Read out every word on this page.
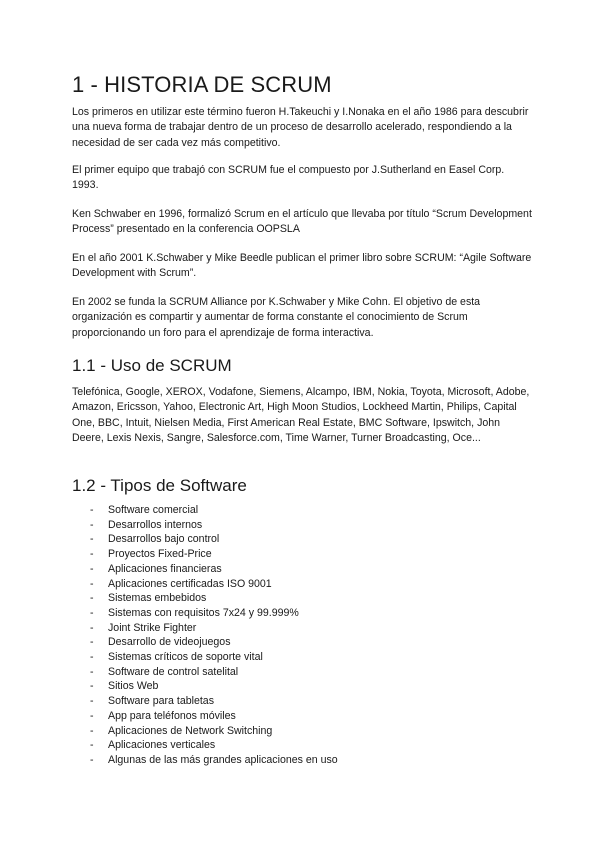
1 - HISTORIA DE SCRUM

Los primeros en utilizar este término fueron H.Takeuchi y I.Nonaka en el año 1986 para descubrir una nueva forma de trabajar dentro de un proceso de desarrollo acelerado, respondiendo a la necesidad de ser cada vez más competitivo.

El primer equipo que trabajó con SCRUM fue el compuesto por J.Sutherland en Easel Corp. 1993.

Ken Schwaber en 1996, formalizó Scrum en el artículo que llevaba por título “Scrum Development Process” presentado en la conferencia OOPSLA

En el año 2001 K.Schwaber y Mike Beedle publican el primer libro sobre SCRUM: “Agile Software Development with Scrum”.

En 2002 se funda la SCRUM Alliance por K.Schwaber y Mike Cohn. El objetivo de esta organización es compartir y aumentar de forma constante el conocimiento de Scrum proporcionando un foro para el aprendizaje de forma interactiva.

1.1 - Uso de SCRUM

Telefónica, Google, XEROX, Vodafone, Siemens, Alcampo, IBM, Nokia, Toyota, Microsoft, Adobe, Amazon, Ericsson, Yahoo, Electronic Art, High Moon Studios, Lockheed Martin, Philips, Capital One, BBC, Intuit, Nielsen Media, First American Real Estate, BMC Software, Ipswitch, John Deere, Lexis Nexis, Sangre, Salesforce.com, Time Warner, Turner Broadcasting, Oce...

1.2 - Tipos de Software
- Software comercial
- Desarrollos internos
- Desarrollos bajo control
- Proyectos Fixed-Price
- Aplicaciones financieras
- Aplicaciones certificadas ISO 9001
- Sistemas embebidos
- Sistemas con requisitos 7x24 y 99.999%
- Joint Strike Fighter
- Desarrollo de videojuegos
- Sistemas críticos de soporte vital
- Software de control satelital
- Sitios Web
- Software para tabletas
- App para teléfonos móviles
- Aplicaciones de Network Switching
- Aplicaciones verticales
- Algunas de las más grandes aplicaciones en uso
